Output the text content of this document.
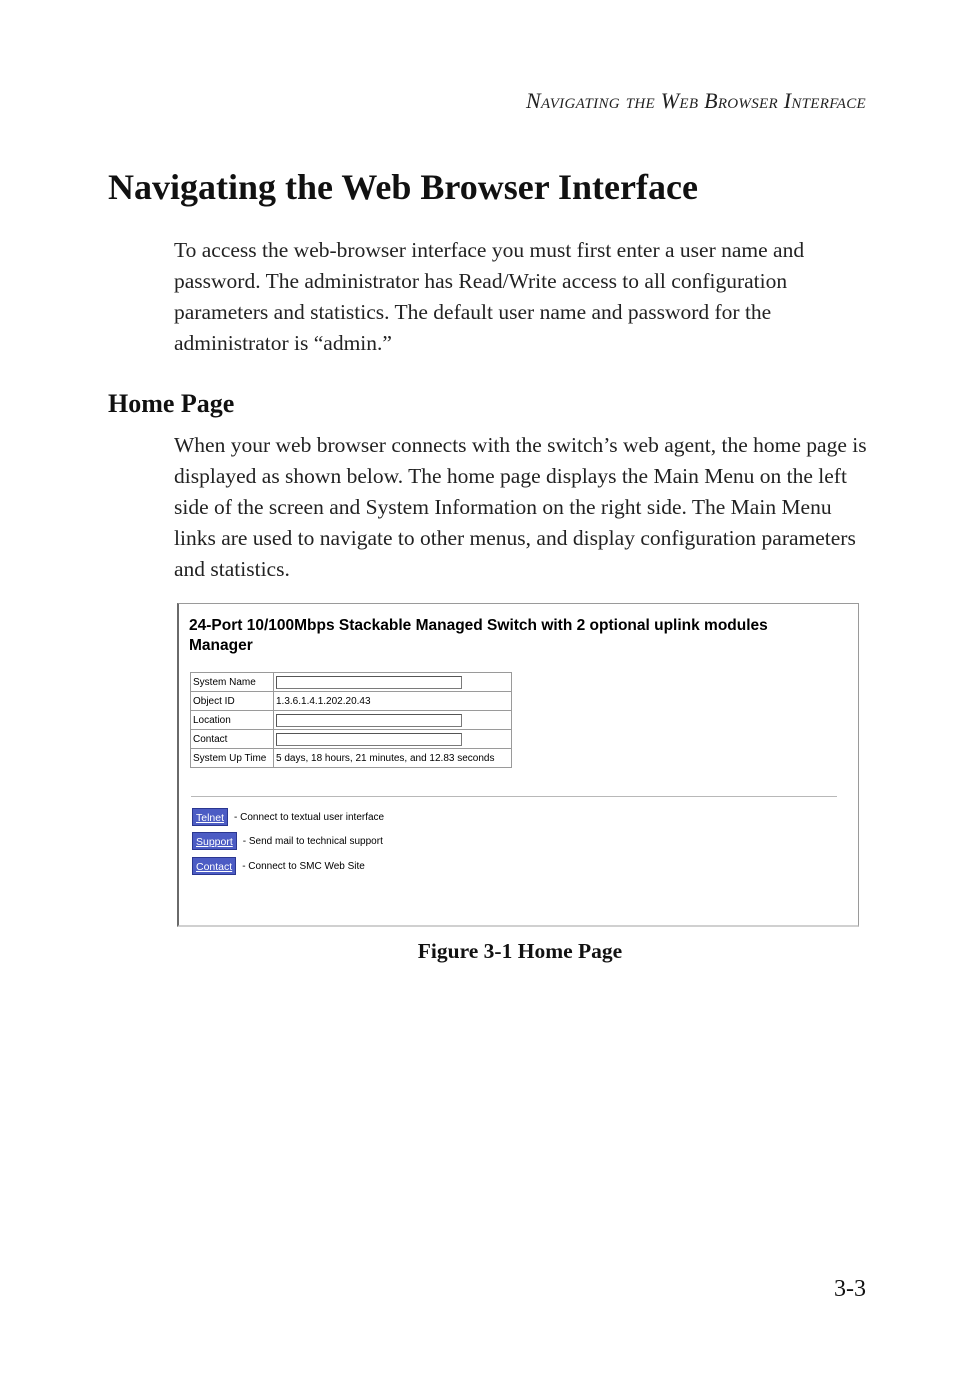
Navigating the Web Browser Interface
Navigating the Web Browser Interface

To access the web-browser interface you must first enter a user name and password. The administrator has Read/Write access to all configuration parameters and statistics. The default user name and password for the administrator is “admin.”

Home Page

When your web browser connects with the switch’s web agent, the home page is displayed as shown below. The home page displays the Main Menu on the left side of the screen and System Information on the right side. The Main Menu links are used to navigate to other menus, and display configuration parameters and statistics.

24-Port 10/100Mbps Stackable Managed Switch with 2 optional uplink modules
Manager
System Name	

Object ID	1.3.6.1.4.1.202.20.43
Location	

Contact	

System Up Time	5 days, 18 hours, 21 minutes, and 12.83 seconds
Telnet	- Connect to textual user interface
Support	- Send mail to technical support
Contact	- Connect to SMC Web Site

Figure 3-1 Home Page

3-3
